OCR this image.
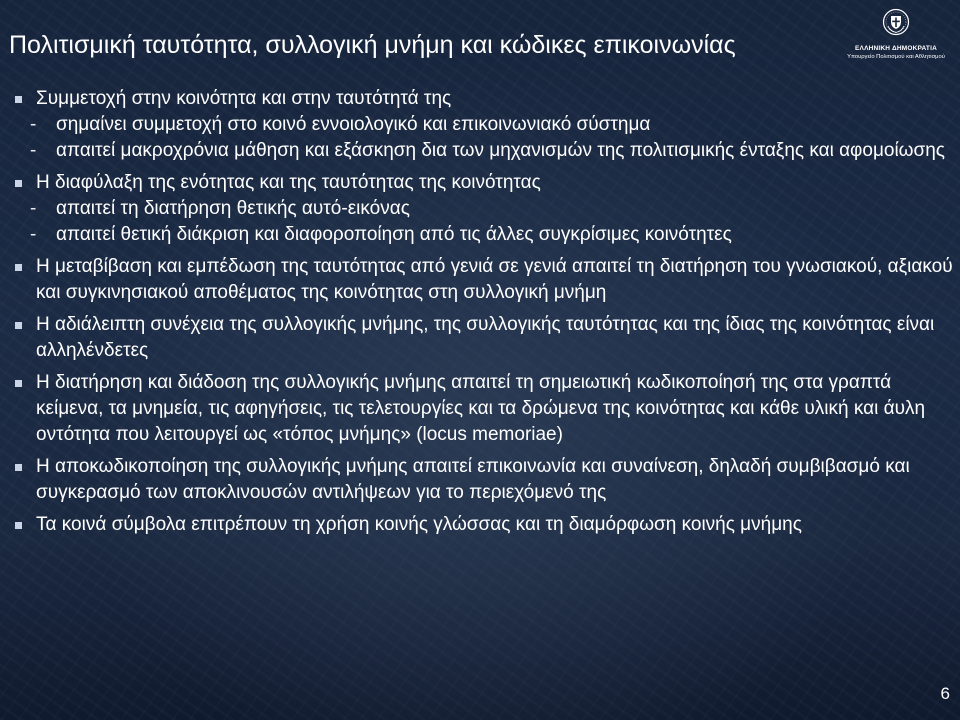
Πολιτισμική ταυτότητα, συλλογική μνήμη και κώδικες επικοινωνίας	ΕΛΛΗΝΙΚΗ ΔΗΜΟΚΡΑΤΙΑ
Υπουργείο Πολιτισμού και Αθλητισμού
Συμμετοχή στην κοινότητα και στην ταυτότητά της
- σημαίνει συμμετοχή στο κοινό εννοιολογικό και επικοινωνιακό σύστημα
- απαιτεί μακροχρόνια μάθηση και εξάσκηση δια των μηχανισμών της πολιτισμικής ένταξης και αφομοίωσης
Η διαφύλαξη της ενότητας και της ταυτότητας της κοινότητας
- απαιτεί τη διατήρηση θετικής αυτό-εικόνας
- απαιτεί θετική διάκριση και διαφοροποίηση από τις άλλες συγκρίσιμες κοινότητες
Η μεταβίβαση και εμπέδωση της ταυτότητας από γενιά σε γενιά απαιτεί τη διατήρηση του γνωσιακού, αξιακού και συγκινησιακού αποθέματος της κοινότητας στη συλλογική μνήμη
Η αδιάλειπτη συνέχεια της συλλογικής μνήμης, της συλλογικής ταυτότητας και της ίδιας της κοινότητας είναι αλληλένδετες
Η διατήρηση και διάδοση της συλλογικής μνήμης απαιτεί τη σημειωτική κωδικοποίησή της στα γραπτά κείμενα, τα μνημεία, τις αφηγήσεις, τις τελετουργίες και τα δρώμενα της κοινότητας και κάθε υλική και άυλη οντότητα που λειτουργεί ως «τόπος μνήμης» (locus memoriae)
Η αποκωδικοποίηση της συλλογικής μνήμης απαιτεί επικοινωνία και συναίνεση, δηλαδή συμβιβασμό και συγκερασμό των αποκλινουσών αντιλήψεων για το περιεχόμενό της
Τα κοινά σύμβολα επιτρέπουν τη χρήση κοινής γλώσσας και τη διαμόρφωση κοινής μνήμης
6
